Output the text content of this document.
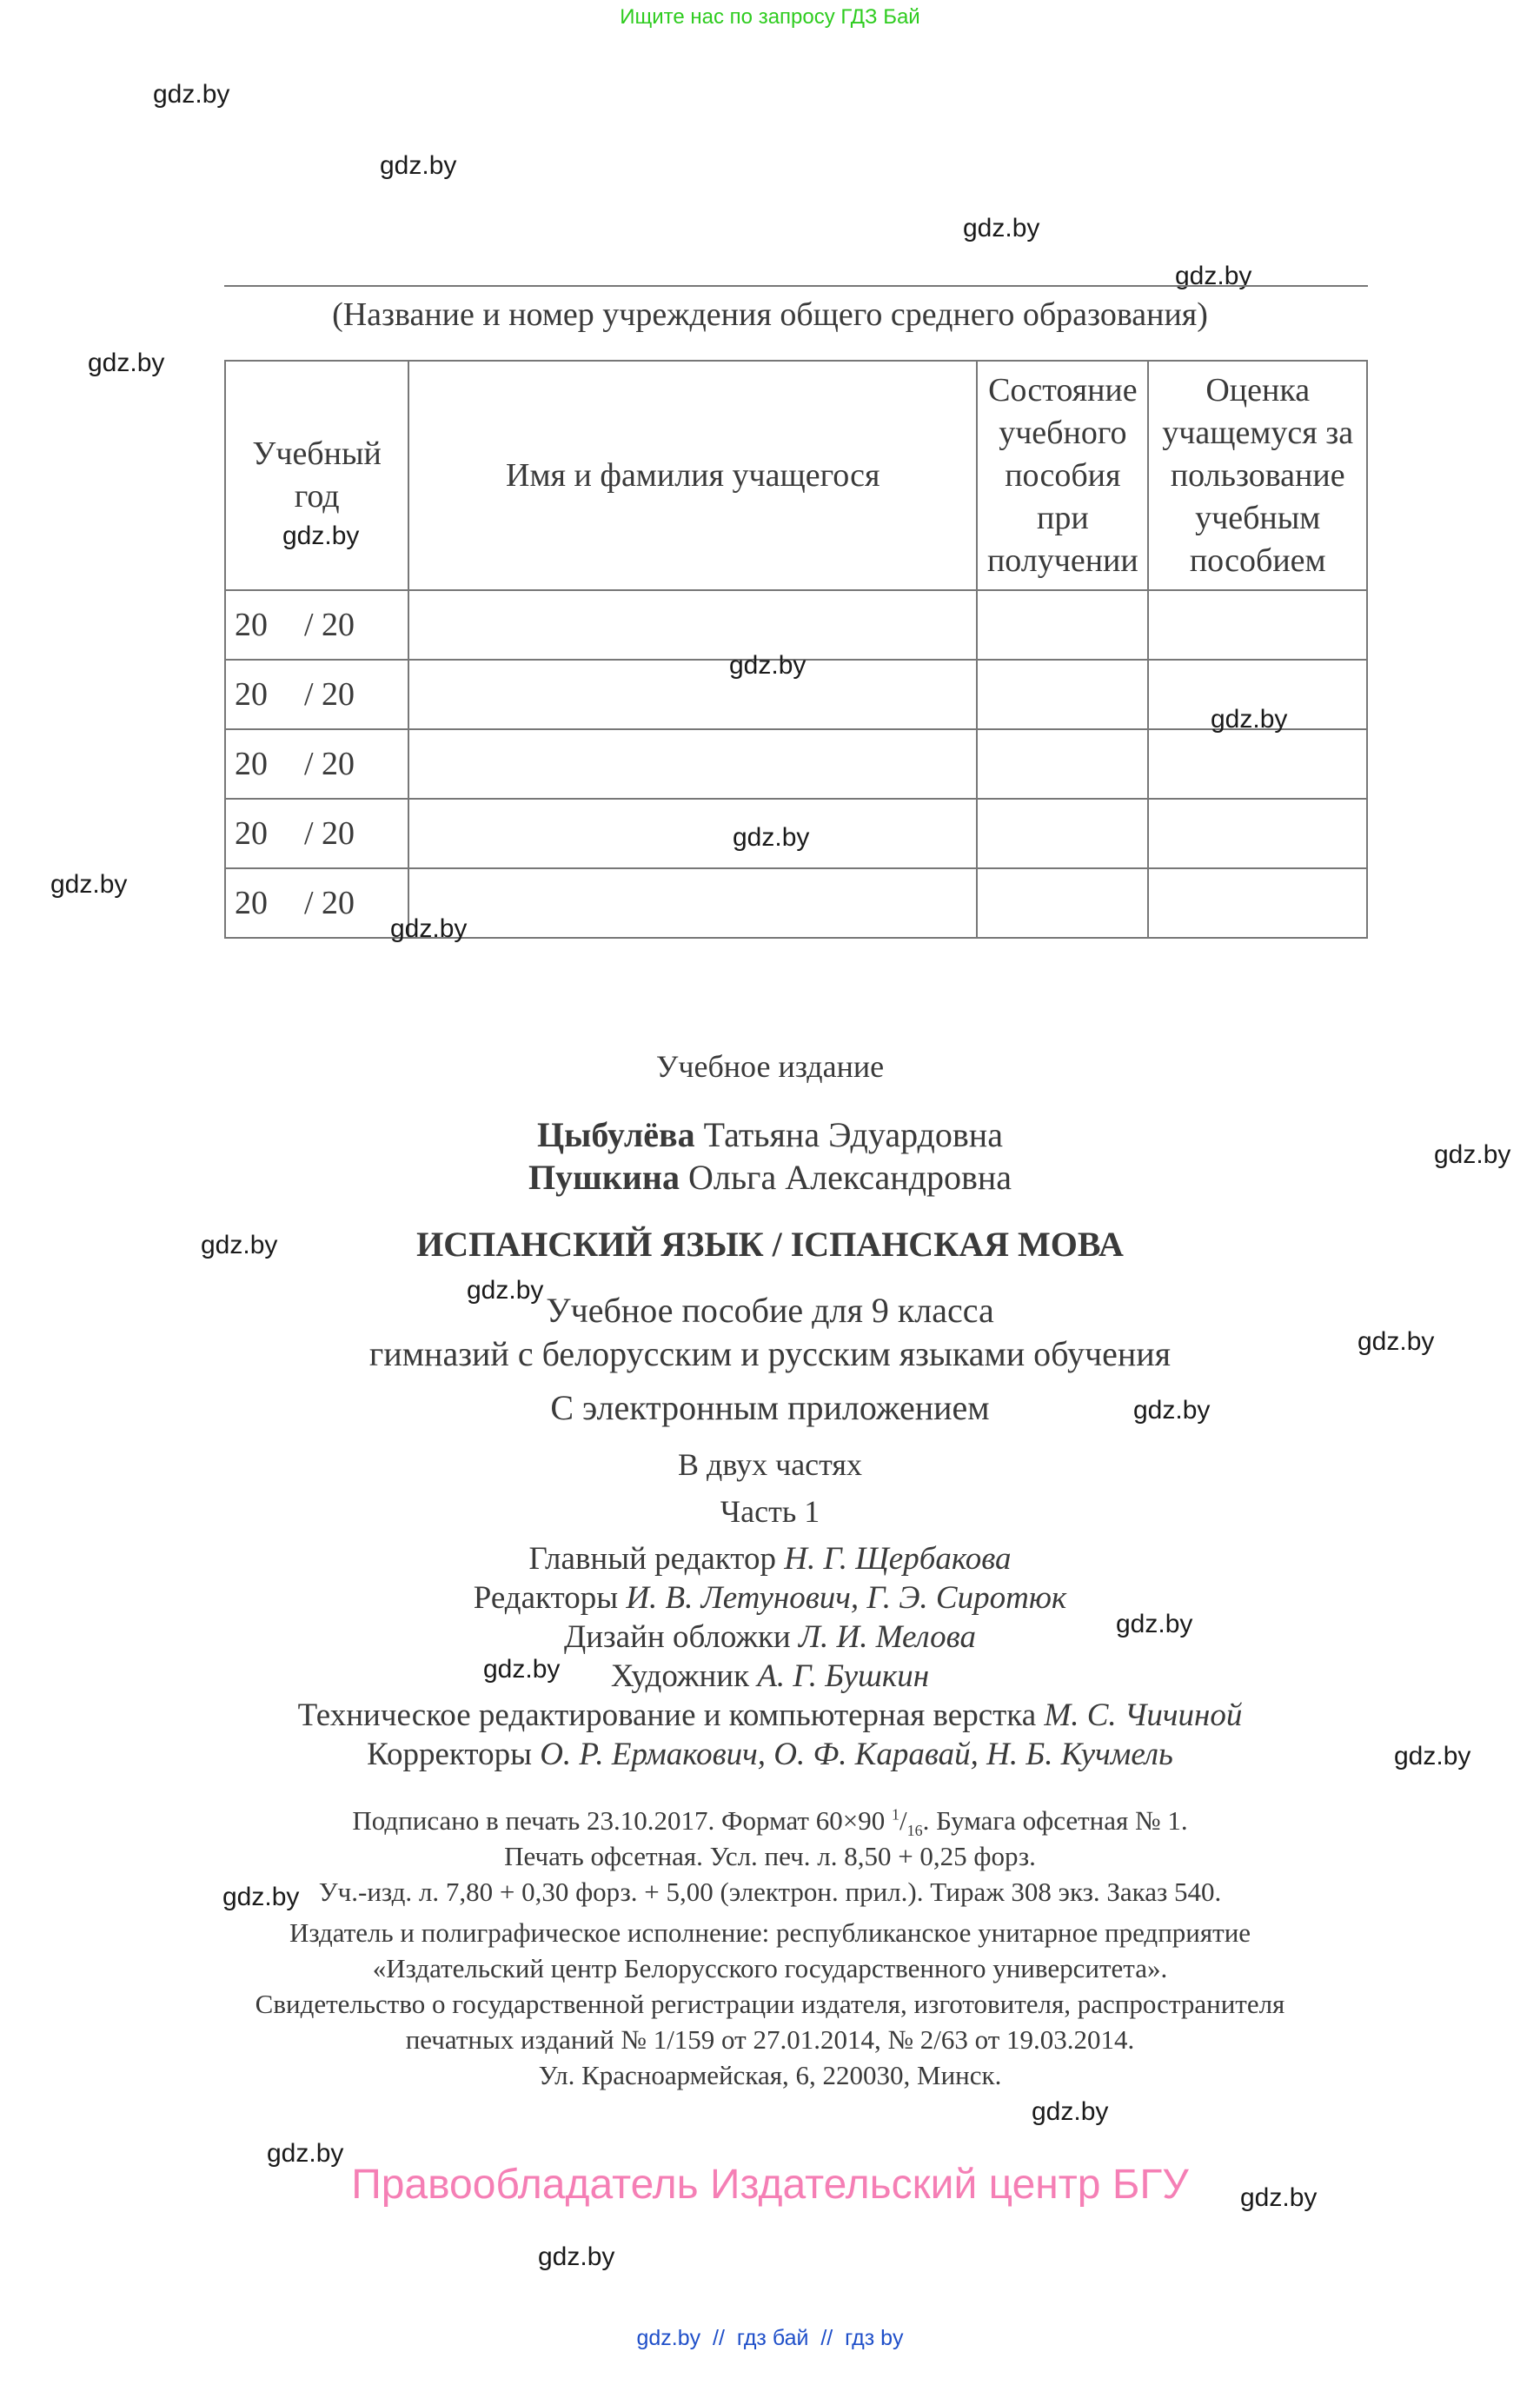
Ищите нас по запросу ГДЗ Бай
gdz.by
gdz.by
gdz.by
gdz.by
gdz.by
(Название и номер учреждения общего среднего образования)
Учебный год	Имя и фамилия учащегося	Состояние учебного пособия при получении	Оценка учащемуся за пользование учебным пособием
20 / 20			
20 / 20			
20 / 20			
20 / 20			
20 / 20			
gdz.by
gdz.by
gdz.by
gdz.by
gdz.by
gdz.by
Учебное издание
Цыбулёва Татьяна Эдуардовна
Пушкина Ольга Александровна
ИСПАНСКИЙ ЯЗЫК / ІСПАНСКАЯ МОВА
Учебное пособие для 9 класса
гимназий с белорусским и русским языками обучения
С электронным приложением
В двух частях
Часть 1
Главный редактор Н. Г. Щербакова
Редакторы И. В. Летунович, Г. Э. Сиротюк
Дизайн обложки Л. И. Мелова
Художник А. Г. Бушкин
Техническое редактирование и компьютерная верстка М. С. Чичиной
Корректоры О. Р. Ермакович, О. Ф. Каравай, Н. Б. Кучмель
Подписано в печать 23.10.2017. Формат 60×90 $^1/_{16}$. Бумага офсетная № 1.
Печать офсетная. Усл. печ. л. 8,50 + 0,25 форз.
Уч.-изд. л. 7,80 + 0,30 форз. + 5,00 (электрон. прил.). Тираж 308 экз. Заказ 540.
Издатель и полиграфическое исполнение: республиканское унитарное предприятие
«Издательский центр Белорусского государственного университета».
Свидетельство о государственной регистрации издателя, изготовителя, распространителя
печатных изданий № 1/159 от 27.01.2014, № 2/63 от 19.03.2014.
Ул. Красноармейская, 6, 220030, Минск.
gdz.by
gdz.by
gdz.by
gdz.by
gdz.by
gdz.by
gdz.by
gdz.by
gdz.by
gdz.by
gdz.by
gdz.by
gdz.by
Правообладатель Издательский центр БГУ
gdz.by // гдз бай // гдз by
